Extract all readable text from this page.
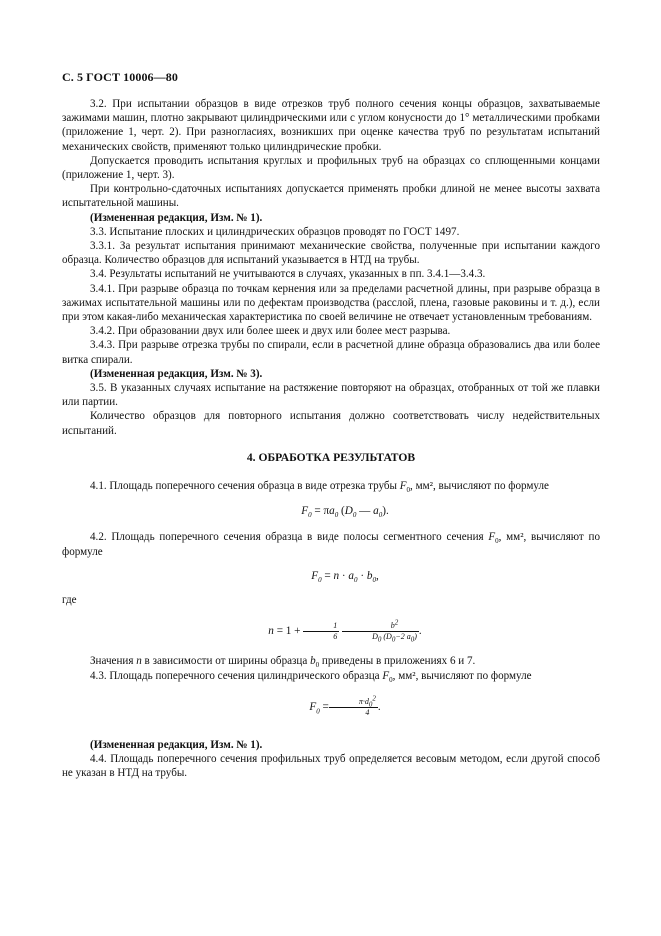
С. 5 ГОСТ 10006—80

3.2. При испытании образцов в виде отрезков труб полного сечения концы образцов, захватываемые зажимами машин, плотно закрывают цилиндрическими или с углом конусности до 1° металлическими пробками (приложение 1, черт. 2). При разногласиях, возникших при оценке качества труб по результатам испытаний механических свойств, применяют только цилиндрические пробки.

Допускается проводить испытания круглых и профильных труб на образцах со сплющенными концами (приложение 1, черт. 3).

При контрольно-сдаточных испытаниях допускается применять пробки длиной не менее высоты захвата испытательной машины.

(Измененная редакция, Изм. № 1).

3.3. Испытание плоских и цилиндрических образцов проводят по ГОСТ 1497.

3.3.1. За результат испытания принимают механические свойства, полученные при испытании каждого образца. Количество образцов для испытаний указывается в НТД на трубы.

3.4. Результаты испытаний не учитываются в случаях, указанных в пп. 3.4.1—3.4.3.

3.4.1. При разрыве образца по точкам кернения или за пределами расчетной длины, при разрыве образца в зажимах испытательной машины или по дефектам производства (расслой, плена, газовые раковины и т. д.), если при этом какая-либо механическая характеристика по своей величине не отвечает установленным требованиям.

3.4.2. При образовании двух или более шеек и двух или более мест разрыва.

3.4.3. При разрыве отрезка трубы по спирали, если в расчетной длине образца образовались два или более витка спирали.

(Измененная редакция, Изм. № 3).

3.5. В указанных случаях испытание на растяжение повторяют на образцах, отобранных от той же плавки или партии.

Количество образцов для повторного испытания должно соответствовать числу недействительных испытаний.

4. ОБРАБОТКА РЕЗУЛЬТАТОВ

4.1. Площадь поперечного сечения образца в виде отрезка трубы $F_0$, мм², вычисляют по формуле

$F_0 = \pi a_0$ ($D_0$ — $a_0$).

4.2. Площадь поперечного сечения образца в виде полосы сегментного сечения $F_0$, мм², вычисляют по формуле

$F_0 = n \cdot a_0 \cdot b_0$,

где

$n = 1 + \frac{1}{6}$
$\frac{b^2}{D_0 (D_0-2 a_0)}$ .

Значения n в зависимости от ширины образца $b_0$ приведены в приложениях 6 и 7.

4.3. Площадь поперечного сечения цилиндрического образца $F_0$, мм², вычисляют по формуле

$F_0 = \frac{\pi\cdot d_0^2}{4}$ .

(Измененная редакция, Изм. № 1).

4.4. Площадь поперечного сечения профильных труб определяется весовым методом, если другой способ не указан в НТД на трубы.
